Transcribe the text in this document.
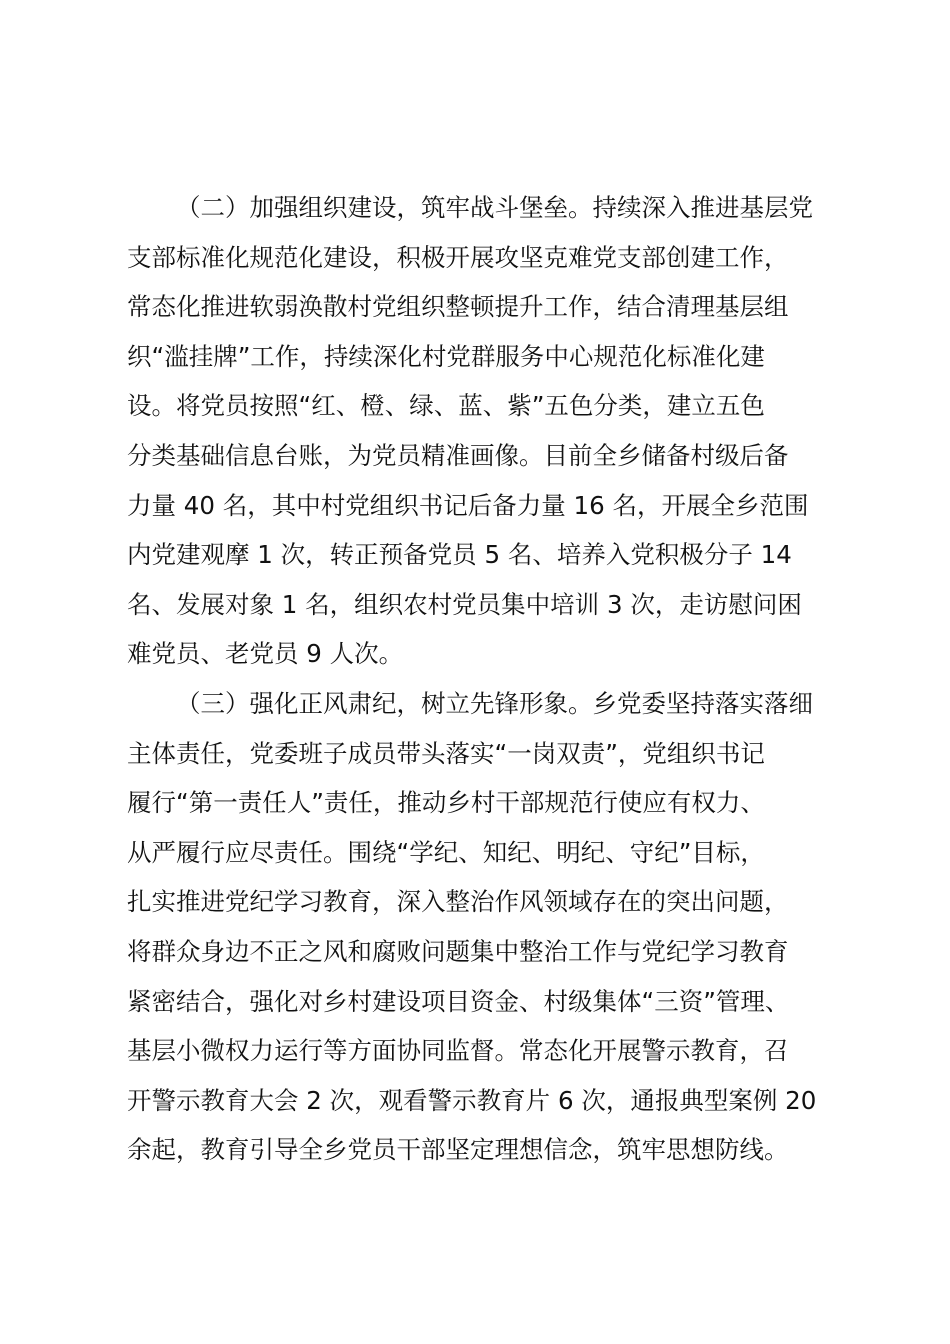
（二）加强组织建设，筑牢战斗堡垒。持续深入推进基层党
支部标准化规范化建设，积极开展攻坚克难党支部创建工作，
常态化推进软弱涣散村党组织整顿提升工作，结合清理基层组
织“滥挂牌”工作，持续深化村党群服务中心规范化标准化建
设。将党员按照“红、橙、绿、蓝、紫”五色分类，建立五色
分类基础信息台账，为党员精准画像。目前全乡储备村级后备
力量 40 名，其中村党组织书记后备力量 16 名，开展全乡范围
内党建观摩 1 次，转正预备党员 5 名、培养入党积极分子 14
名、发展对象 1 名，组织农村党员集中培训 3 次，走访慰问困
难党员、老党员 9 人次。

（三）强化正风肃纪，树立先锋形象。乡党委坚持落实落细
主体责任，党委班子成员带头落实“一岗双责”，党组织书记
履行“第一责任人”责任，推动乡村干部规范行使应有权力、
从严履行应尽责任。围绕“学纪、知纪、明纪、守纪”目标，
扎实推进党纪学习教育，深入整治作风领域存在的突出问题，
将群众身边不正之风和腐败问题集中整治工作与党纪学习教育
紧密结合，强化对乡村建设项目资金、村级集体“三资”管理、
基层小微权力运行等方面协同监督。常态化开展警示教育，召
开警示教育大会 2 次，观看警示教育片 6 次，通报典型案例 20
余起，教育引导全乡党员干部坚定理想信念，筑牢思想防线。
